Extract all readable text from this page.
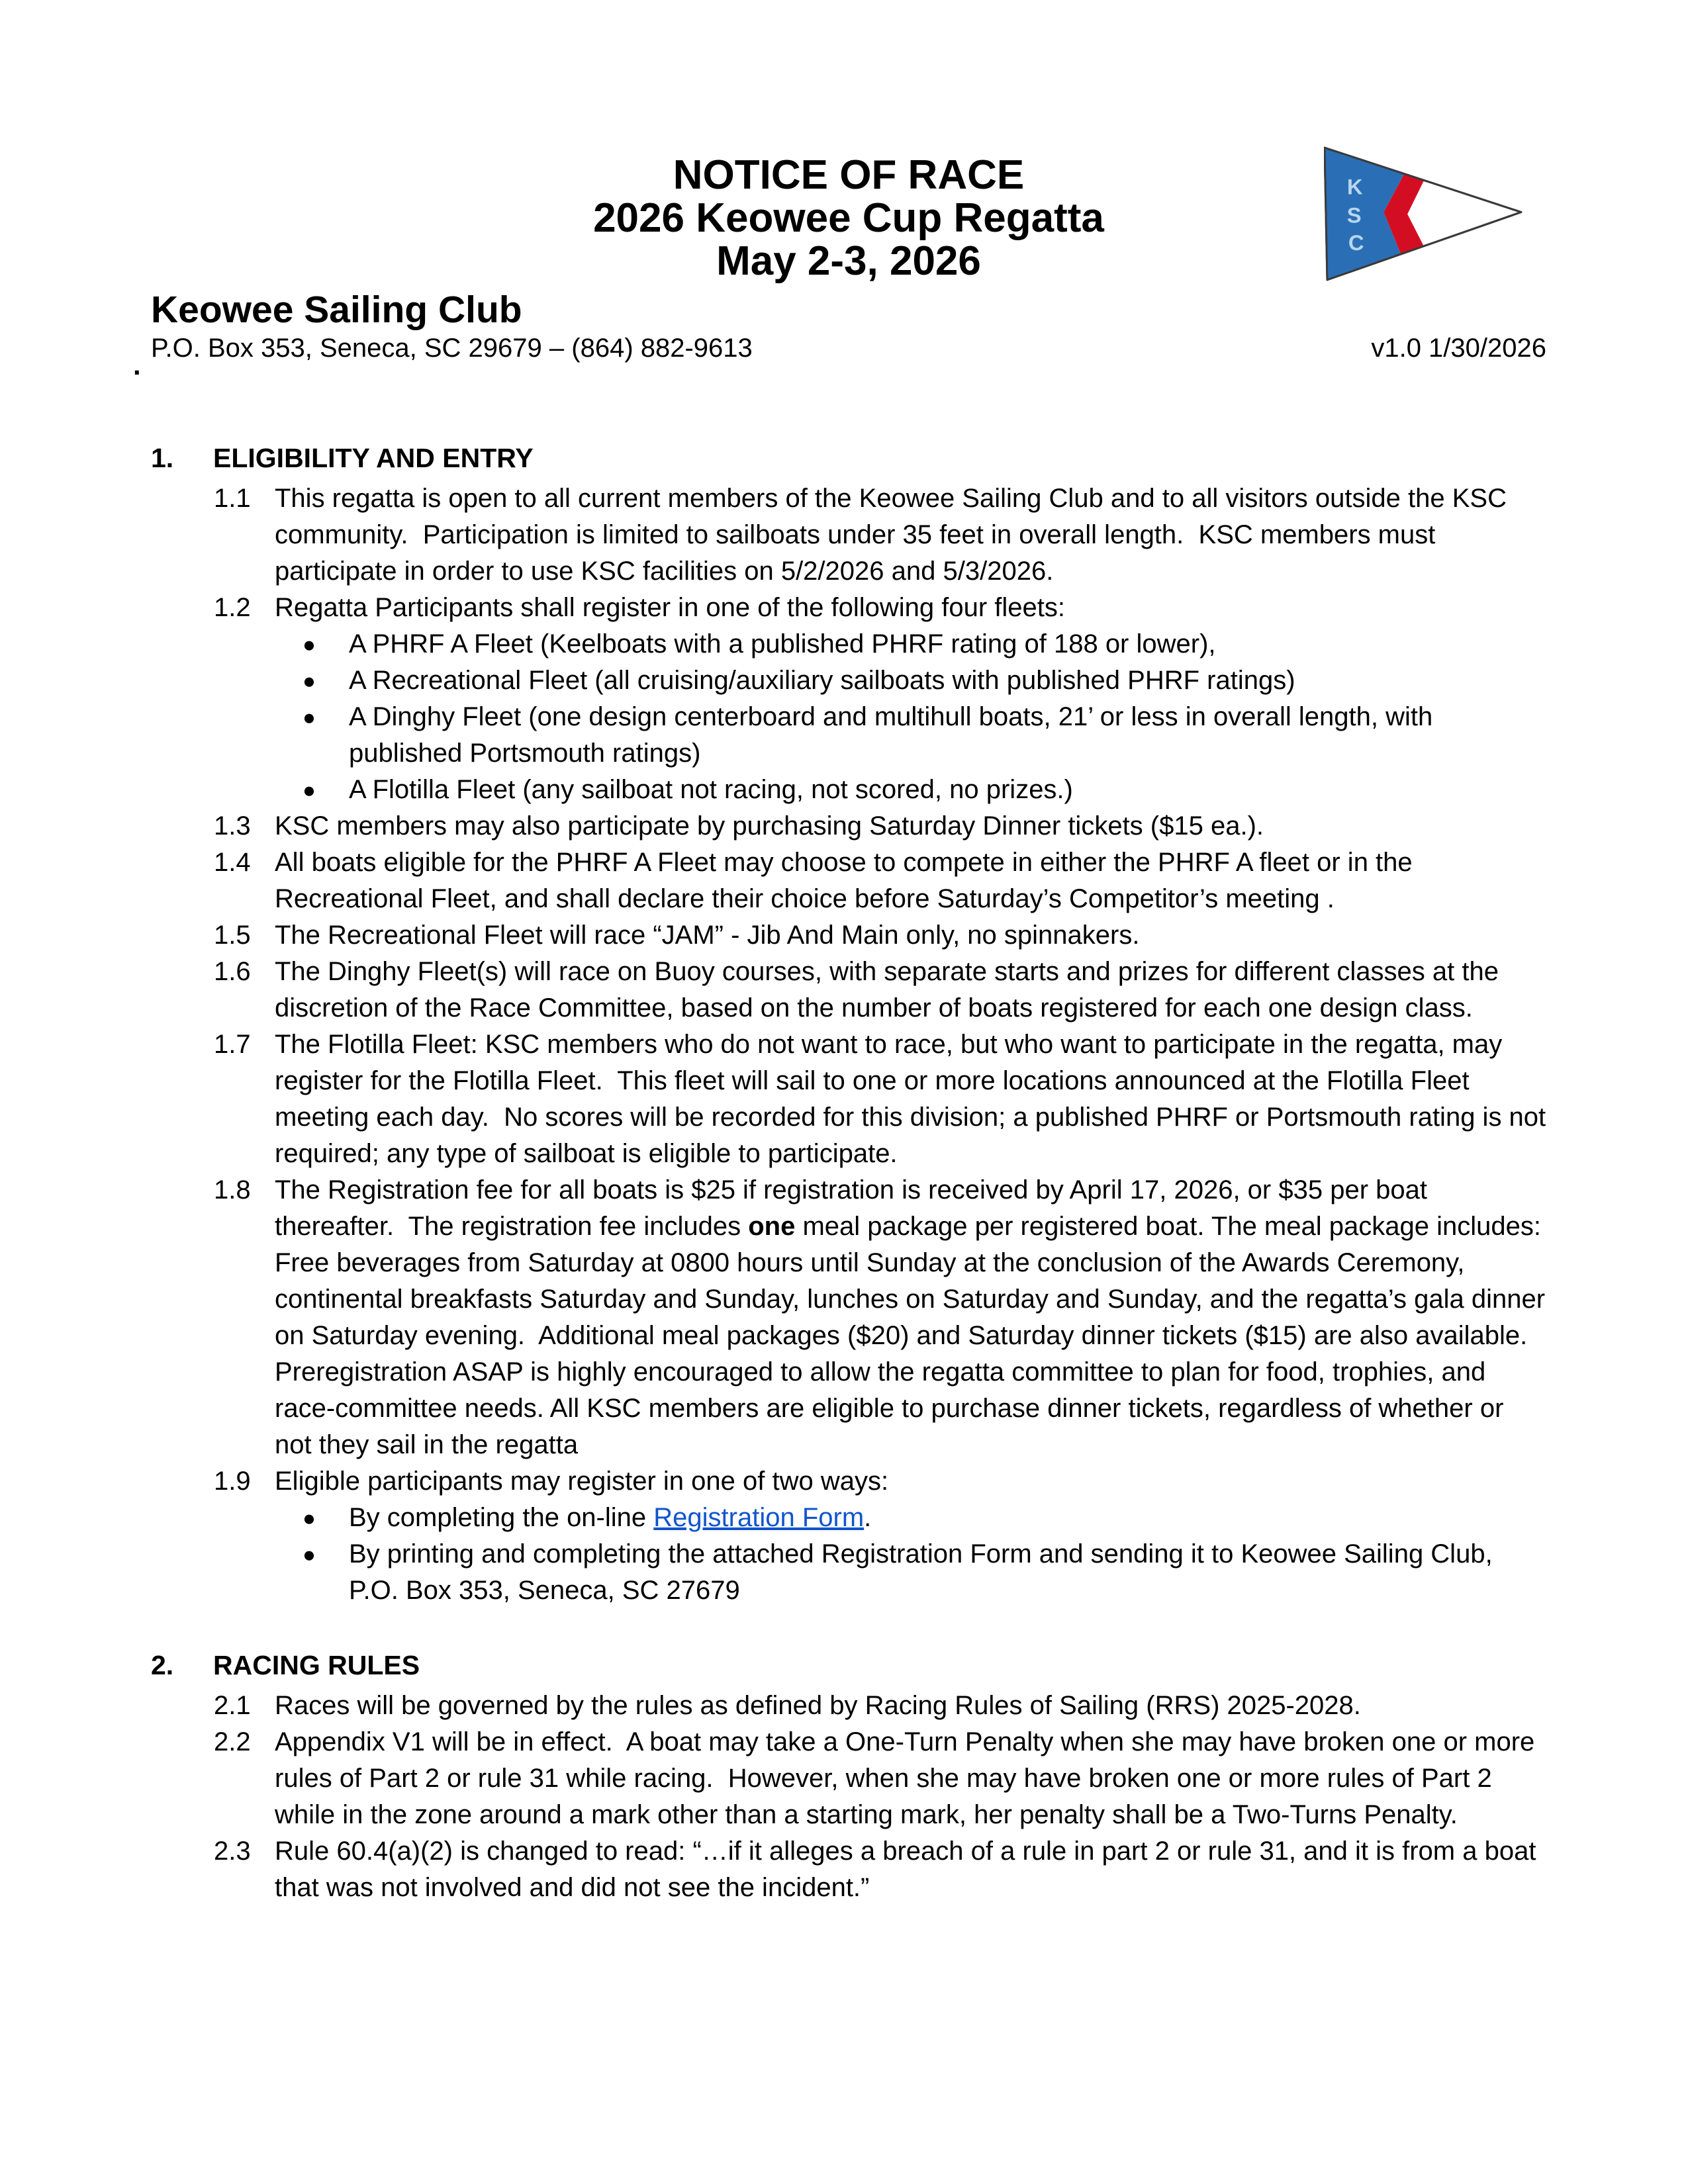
K
S
C
NOTICE OF RACE
2026 Keowee Cup Regatta
May 2-3, 2026
Keowee Sailing Club
P.O. Box 353, Seneca, SC 29679 – (864) 882-9613	v1.0 1/30/2026
.
1.	ELIGIBILITY AND ENTRY
1.1 This regatta is open to all current members of the Keowee Sailing Club and to all visitors outside the KSC community.  Participation is limited to sailboats under 35 feet in overall length.  KSC members must participate in order to use KSC facilities on 5/2/2026 and 5/3/2026.
1.2 Regatta Participants shall register in one of the following four fleets:
●	A PHRF A Fleet (Keelboats with a published PHRF rating of 188 or lower),
●	A Recreational Fleet (all cruising/auxiliary sailboats with published PHRF ratings)
●	A Dinghy Fleet (one design centerboard and multihull boats, 21’ or less in overall length, with published Portsmouth ratings)
●	A Flotilla Fleet (any sailboat not racing, not scored, no prizes.)
1.3 KSC members may also participate by purchasing Saturday Dinner tickets ($15 ea.).
1.4 All boats eligible for the PHRF A Fleet may choose to compete in either the PHRF A fleet or in the Recreational Fleet, and shall declare their choice before Saturday’s Competitor’s meeting .
1.5 The Recreational Fleet will race “JAM” - Jib And Main only, no spinnakers.
1.6 The Dinghy Fleet(s) will race on Buoy courses, with separate starts and prizes for different classes at the discretion of the Race Committee, based on the number of boats registered for each one design class.
1.7 The Flotilla Fleet: KSC members who do not want to race, but who want to participate in the regatta, may register for the Flotilla Fleet.  This fleet will sail to one or more locations announced at the Flotilla Fleet meeting each day.  No scores will be recorded for this division; a published PHRF or Portsmouth rating is not required; any type of sailboat is eligible to participate.
1.8 The Registration fee for all boats is $25 if registration is received by April 17, 2026, or $35 per boat thereafter.  The registration fee includes one meal package per registered boat. The meal package includes: Free beverages from Saturday at 0800 hours until Sunday at the conclusion of the Awards Ceremony, continental breakfasts Saturday and Sunday, lunches on Saturday and Sunday, and the regatta’s gala dinner on Saturday evening.  Additional meal packages ($20) and Saturday dinner tickets ($15) are also available.  Preregistration ASAP is highly encouraged to allow the regatta committee to plan for food, trophies, and race-committee needs. All KSC members are eligible to purchase dinner tickets, regardless of whether or not they sail in the regatta
1.9 Eligible participants may register in one of two ways:
●	By completing the on-line Registration Form.
●	By printing and completing the attached Registration Form and sending it to Keowee Sailing Club, P.O. Box 353, Seneca, SC 27679
2.	RACING RULES
2.1 Races will be governed by the rules as defined by Racing Rules of Sailing (RRS) 2025-2028.
2.2 Appendix V1 will be in effect.  A boat may take a One-Turn Penalty when she may have broken one or more rules of Part 2 or rule 31 while racing.  However, when she may have broken one or more rules of Part 2 while in the zone around a mark other than a starting mark, her penalty shall be a Two-Turns Penalty.
2.3 Rule 60.4(a)(2) is changed to read: “…if it alleges a breach of a rule in part 2 or rule 31, and it is from a boat that was not involved and did not see the incident.”
